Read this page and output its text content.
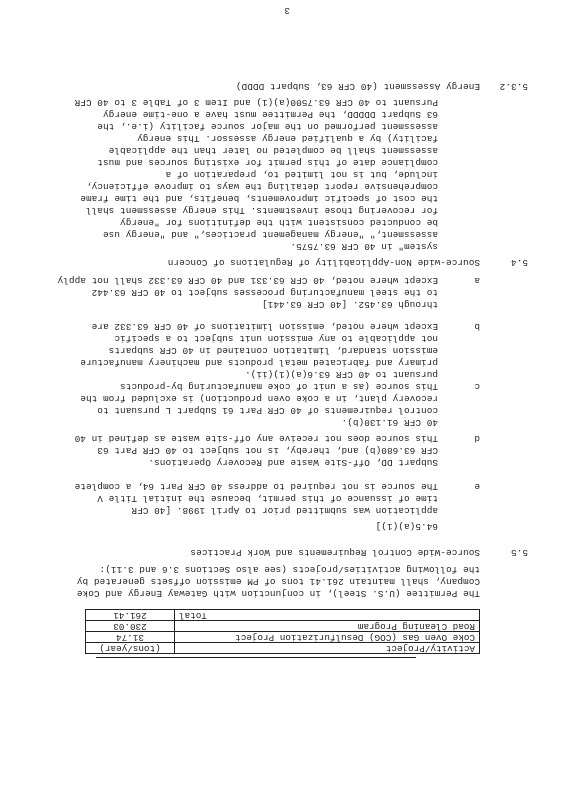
3
Activity/Project	(tons/year)
Coke Oven Gas (COG) Desulfurization Project	31.74
Road Cleaning Program	230.03
Total	261.41
The Permittee (U.S. Steel), in conjunction with Gateway Energy and Coke
Company, shall maintain 261.41 tons of PM emission offsets generated by
the following activities/projects (see also Sections 3.6 and 3.11):
5.5
Source-Wide Control Requirements and Work Practices
e
The source is not required to address 40 CFR Part 64, a complete
time of issuance of this permit, because the initial Title V
application was submitted prior to April 1998. [40 CFR
64.5(a)(1)]
d
This source does not receive any off-site waste as defined in 40
CFR 63.680(b) and, thereby, is not subject to 40 CFR Part 63
Subpart DD, Off-Site Waste and Recovery Operations.
c
This source (as a unit of coke manufacturing by-products
recovery plant, in a coke oven production) is excluded from the
control requirements of 40 CFR Part 61 Subpart L pursuant to
40 CFR 61.130(b).
b
Except where noted, emission limitations of 40 CFR 63.332 are
not applicable to any emission unit subject to a specific
emission standard, limitation contained in 40 CFR subparts
primary and fabricated metal products and machinery manufacture
pursuant to 40 CFR 63.6(a)(1)(ii).
a
Except where noted, 40 CFR 63.331 and 40 CFR 63.332 shall not apply
to the steel manufacturing processes subject to 40 CFR 63.442
through 63.452. [40 CFR 63.441]
5.4
Source-wide Non-Applicability of Regulations of Concern
Pursuant to 40 CFR 63.7500(a)(1) and Item 3 of Table 3 to 40 CFR
63 Subpart DDDDD, the Permittee must have a one-time energy
assessment performed on the major source facility (i.e., the
facility) by a qualified energy assessor. This energy
assessment shall be completed no later than the applicable
compliance date of this permit for existing sources and must
include, but is not limited to, preparation of a
comprehensive report detailing the ways to improve efficiency,
the cost of specific improvements, benefits, and the time frame
for recovering those investments. This energy assessment shall
be conducted consistent with the definitions for "energy
assessment," "energy management practices," and "energy use
system" in 40 CFR 63.7575.
5.3.2
Energy Assessment (40 CFR 63, Subpart DDDD)
